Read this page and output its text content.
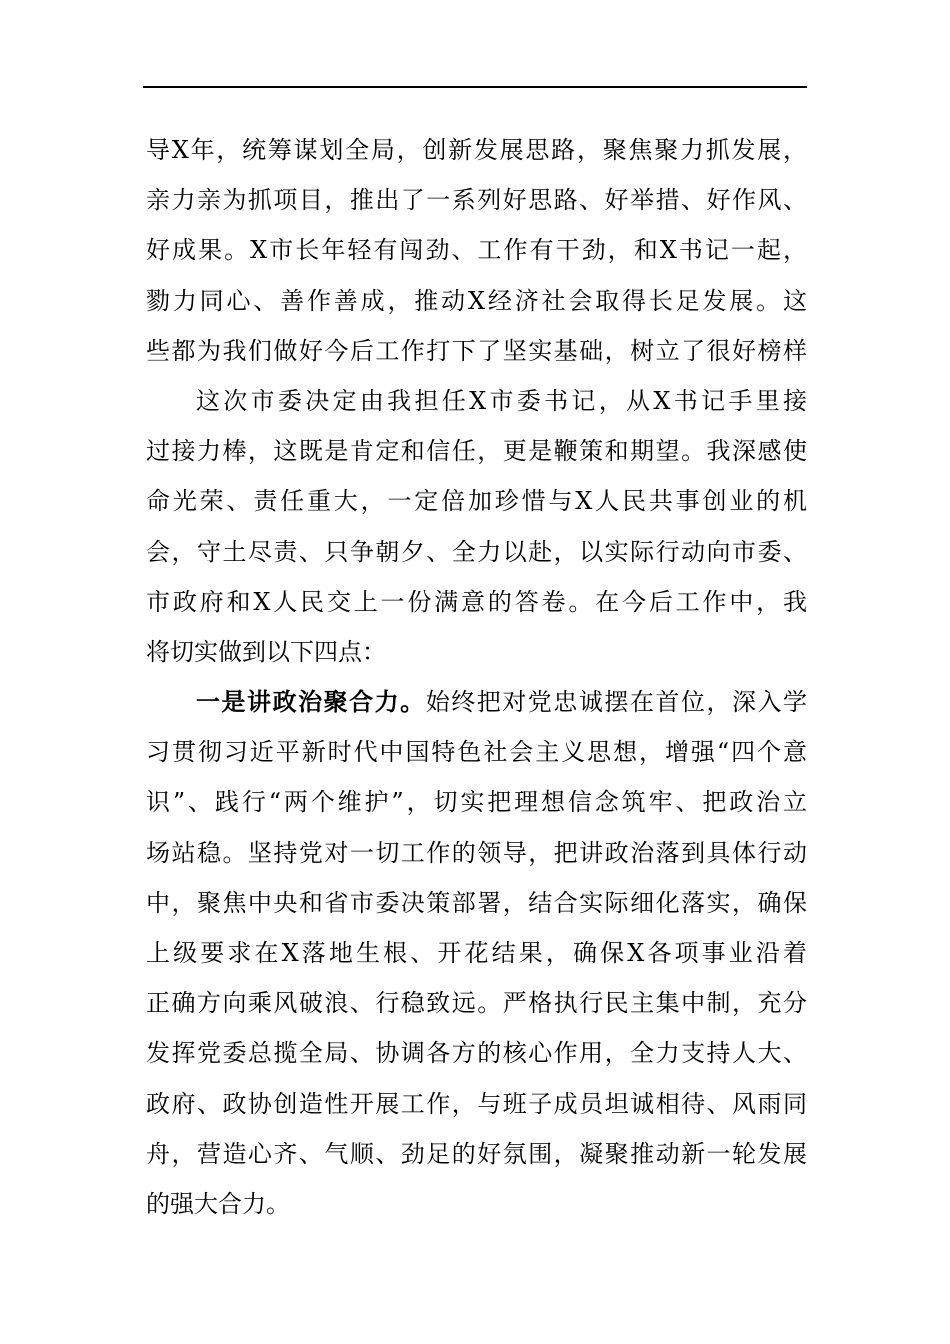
导X年，统筹谋划全局，创新发展思路，聚焦聚力抓发展，
亲力亲为抓项目，推出了一系列好思路、好举措、好作风、
好成果。X市长年轻有闯劲、工作有干劲，和X书记一起，
勠力同心、善作善成，推动X经济社会取得长足发展。这
些都为我们做好今后工作打下了坚实基础，树立了很好榜样
这次市委决定由我担任X市委书记，从X书记手里接
过接力棒，这既是肯定和信任，更是鞭策和期望。我深感使
命光荣、责任重大，一定倍加珍惜与X人民共事创业的机
会，守土尽责、只争朝夕、全力以赴，以实际行动向市委、
市政府和X人民交上一份满意的答卷。在今后工作中，我
将切实做到以下四点：
一是讲政治聚合力。始终把对党忠诚摆在首位，深入学
习贯彻习近平新时代中国特色社会主义思想，增强“四个意
识”、践行“两个维护”，切实把理想信念筑牢、把政治立
场站稳。坚持党对一切工作的领导，把讲政治落到具体行动
中，聚焦中央和省市委决策部署，结合实际细化落实，确保
上级要求在X落地生根、开花结果，确保X各项事业沿着
正确方向乘风破浪、行稳致远。严格执行民主集中制，充分
发挥党委总揽全局、协调各方的核心作用，全力支持人大、
政府、政协创造性开展工作，与班子成员坦诚相待、风雨同
舟，营造心齐、气顺、劲足的好氛围，凝聚推动新一轮发展
的强大合力。
